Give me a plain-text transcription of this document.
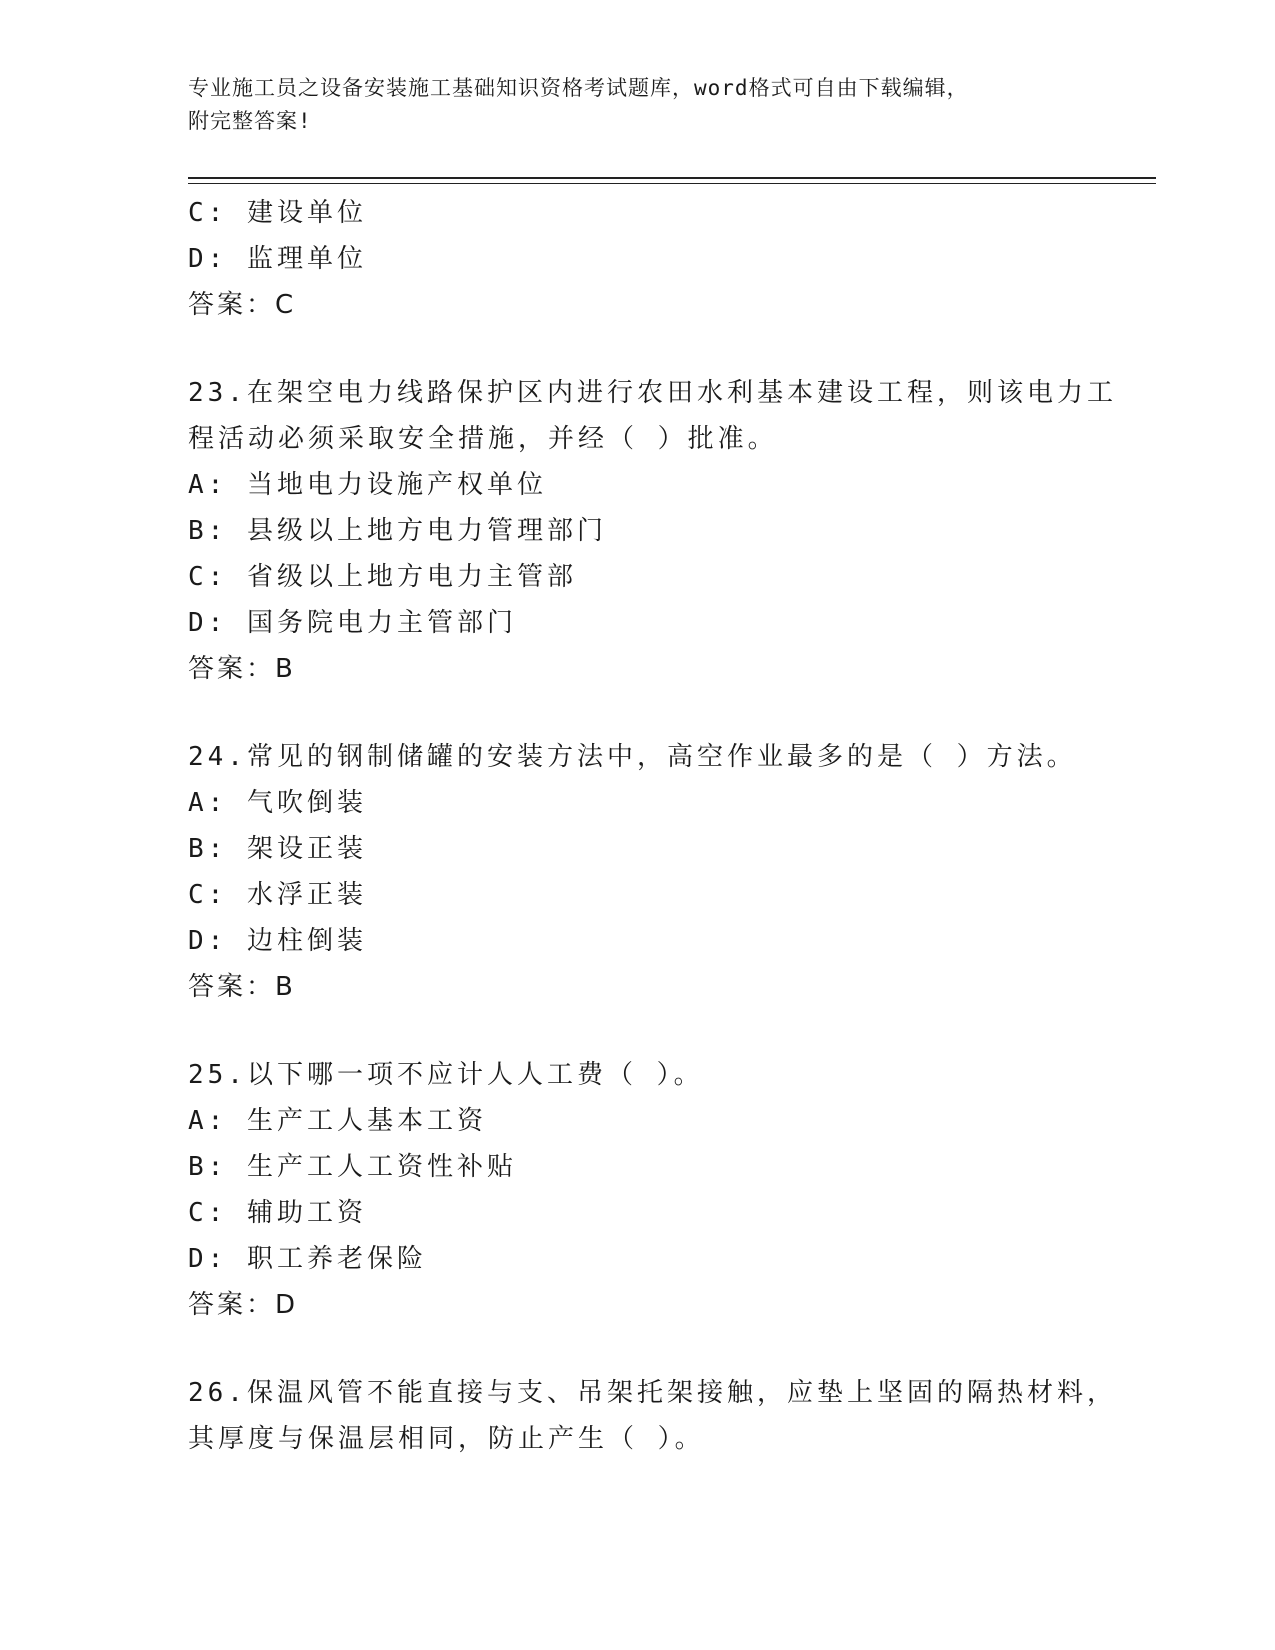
专业施工员之设备安装施工基础知识资格考试题库，word格式可自由下载编辑，
附完整答案!
C: 建设单位
D: 监理单位
答案：C
23.在架空电力线路保护区内进行农田水利基本建设工程，则该电力工
程活动必须采取安全措施，并经（ ）批准。
A: 当地电力设施产权单位
B: 县级以上地方电力管理部门
C: 省级以上地方电力主管部
D: 国务院电力主管部门
答案：B
24.常见的钢制储罐的安装方法中，高空作业最多的是（ ）方法。
A: 气吹倒装
B: 架设正装
C: 水浮正装
D: 边柱倒装
答案：B
25.以下哪一项不应计人人工费（ ）。
A: 生产工人基本工资
B: 生产工人工资性补贴
C: 辅助工资
D: 职工养老保险
答案：D
26.保温风管不能直接与支、吊架托架接触，应垫上坚固的隔热材料，
其厚度与保温层相同，防止产生（ ）。
